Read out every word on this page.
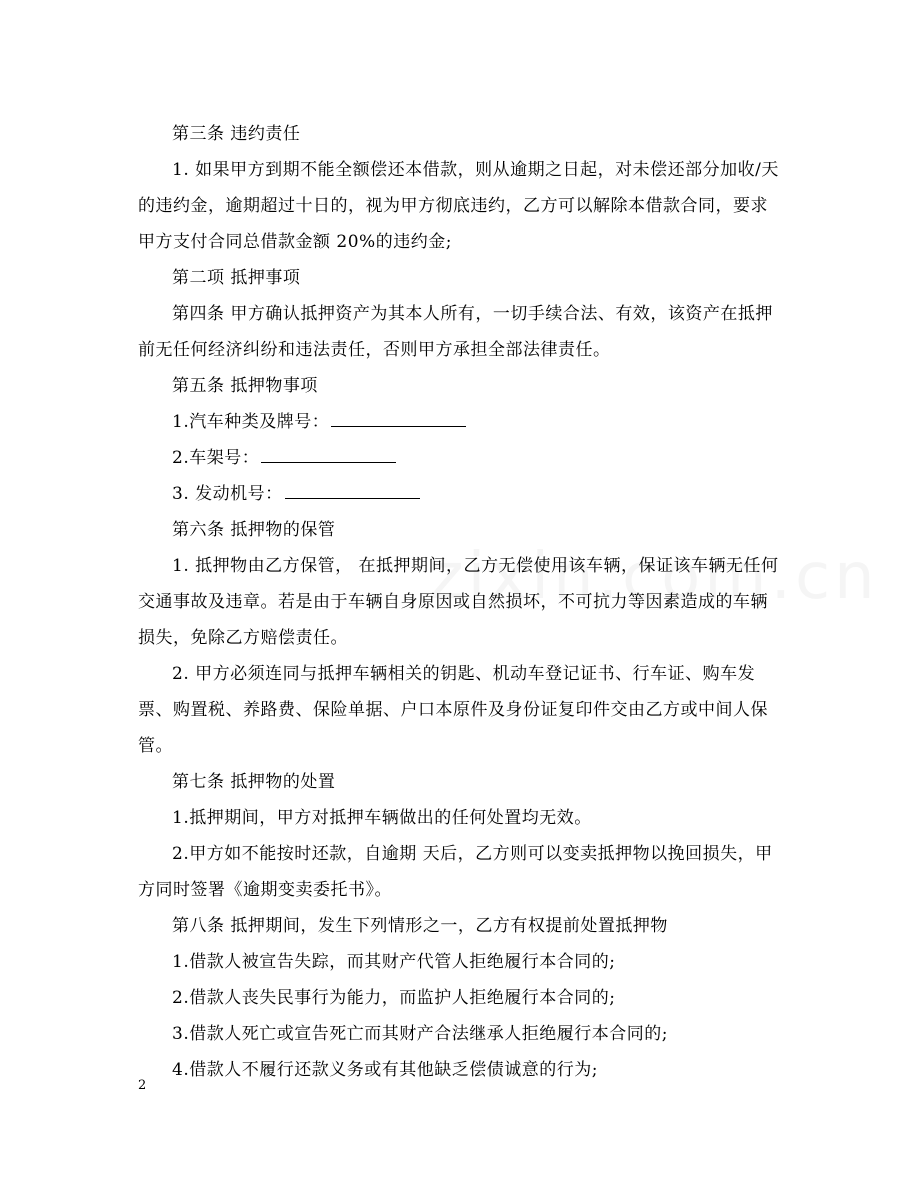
第三条 违约责任

1. 如果甲方到期不能全额偿还本借款，则从逾期之日起，对未偿还部分加收/天 的违约金，逾期超过十日的，视为甲方彻底违约，乙方可以解除本借款合同，要求甲方支付合同总借款金额 20%的违约金;

第二项 抵押事项

第四条 甲方确认抵押资产为其本人所有，一切手续合法、有效，该资产在抵押前无任何经济纠纷和违法责任，否则甲方承担全部法律责任。

第五条 抵押物事项

1.汽车种类及牌号：

2.车架号：

3. 发动机号：

第六条 抵押物的保管

1. 抵押物由乙方保管， 在抵押期间，乙方无偿使用该车辆，保证该车辆无任何交通事故及违章。若是由于车辆自身原因或自然损坏，不可抗力等因素造成的车辆损失，免除乙方赔偿责任。

2. 甲方必须连同与抵押车辆相关的钥匙、机动车登记证书、行车证、购车发票、购置税、养路费、保险单据、户口本原件及身份证复印件交由乙方或中间人保管。

第七条 抵押物的处置

1.抵押期间，甲方对抵押车辆做出的任何处置均无效。

2.甲方如不能按时还款，自逾期 天后，乙方则可以变卖抵押物以挽回损失，甲方同时签署《逾期变卖委托书》。

第八条 抵押期间，发生下列情形之一，乙方有权提前处置抵押物

1.借款人被宣告失踪，而其财产代管人拒绝履行本合同的;

2.借款人丧失民事行为能力，而监护人拒绝履行本合同的;

3.借款人死亡或宣告死亡而其财产合法继承人拒绝履行本合同的;

4.借款人不履行还款义务或有其他缺乏偿债诚意的行为;

2
